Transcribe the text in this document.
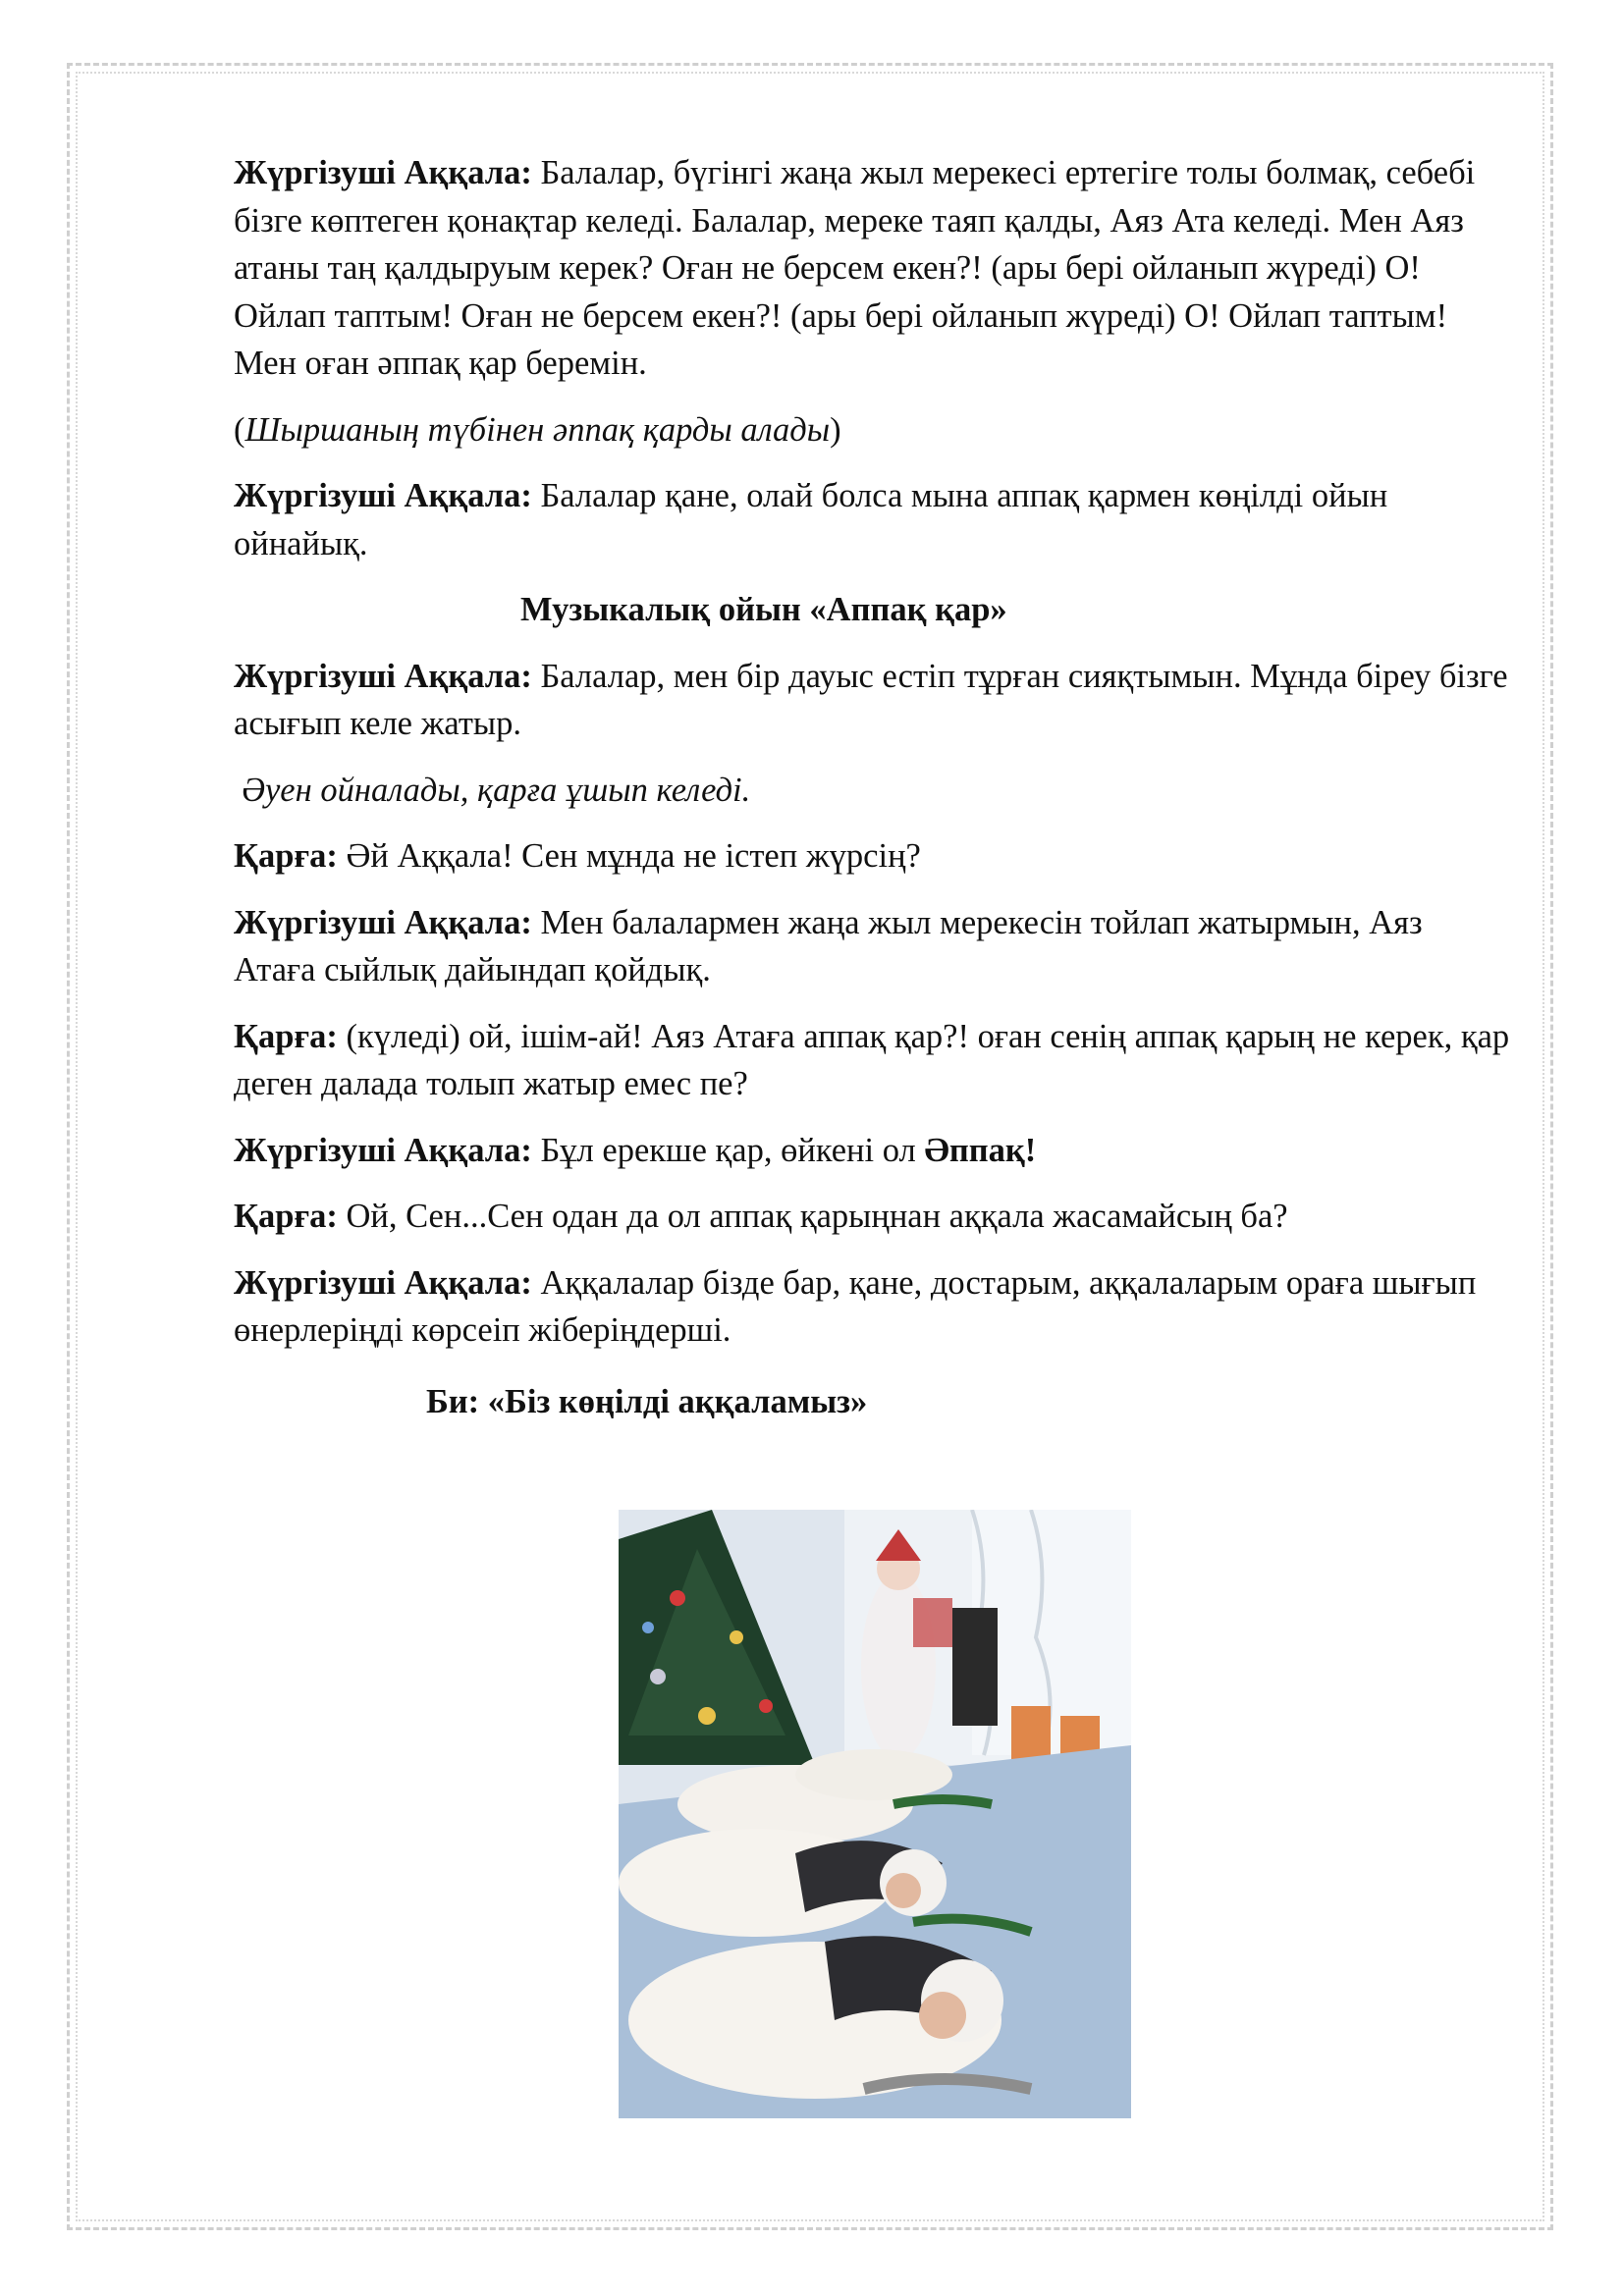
Жүргізуші Аққала: Балалар, бүгінгі жаңа жыл мерекесі ертегіге толы болмақ, себебі бізге көптеген қонақтар келеді. Балалар, мереке таяп қалды, Аяз Ата келеді. Мен Аяз атаны таң қалдыруым керек? Оған не берсем екен?! (ары бері ойланып жүреді) О! Ойлап таптым! Оған не берсем екен?! (ары бері ойланып жүреді) О! Ойлап таптым! Мен оған әппақ қар беремін.

(Шыршаның түбінен әппақ қарды алады)

Жүргізуші Аққала: Балалар қане, олай болса мына аппақ қармен көңілді ойын ойнайық.

Музыкалық ойын «Аппақ қар»

Жүргізуші Аққала: Балалар, мен бір дауыс естіп тұрған сияқтымын. Мұнда біреу бізге асығып келе жатыр.

Әуен ойналады, қарға ұшып келеді.

Қарға: Әй Аққала! Сен мұнда не істеп жүрсің?

Жүргізуші Аққала: Мен балалармен жаңа жыл мерекесін тойлап жатырмын, Аяз Атаға сыйлық дайындап қойдық.

Қарға: (күледі) ой, ішім-ай! Аяз Атаға аппақ қар?! оған сенің аппақ қарың не керек, қар деген далада толып жатыр емес пе?

Жүргізуші Аққала: Бұл ерекше қар, өйкені ол Әппақ!

Қарға: Ой, Сен...Сен одан да ол аппақ қарыңнан аққала жасамайсың ба?

Жүргізуші Аққала: Аққалалар бізде бар, қане, достарым, аққалаларым орағa шығып өнерлеріңді көрсеіп жіберіңдерші.

Би: «Біз көңілді аққаламыз»
